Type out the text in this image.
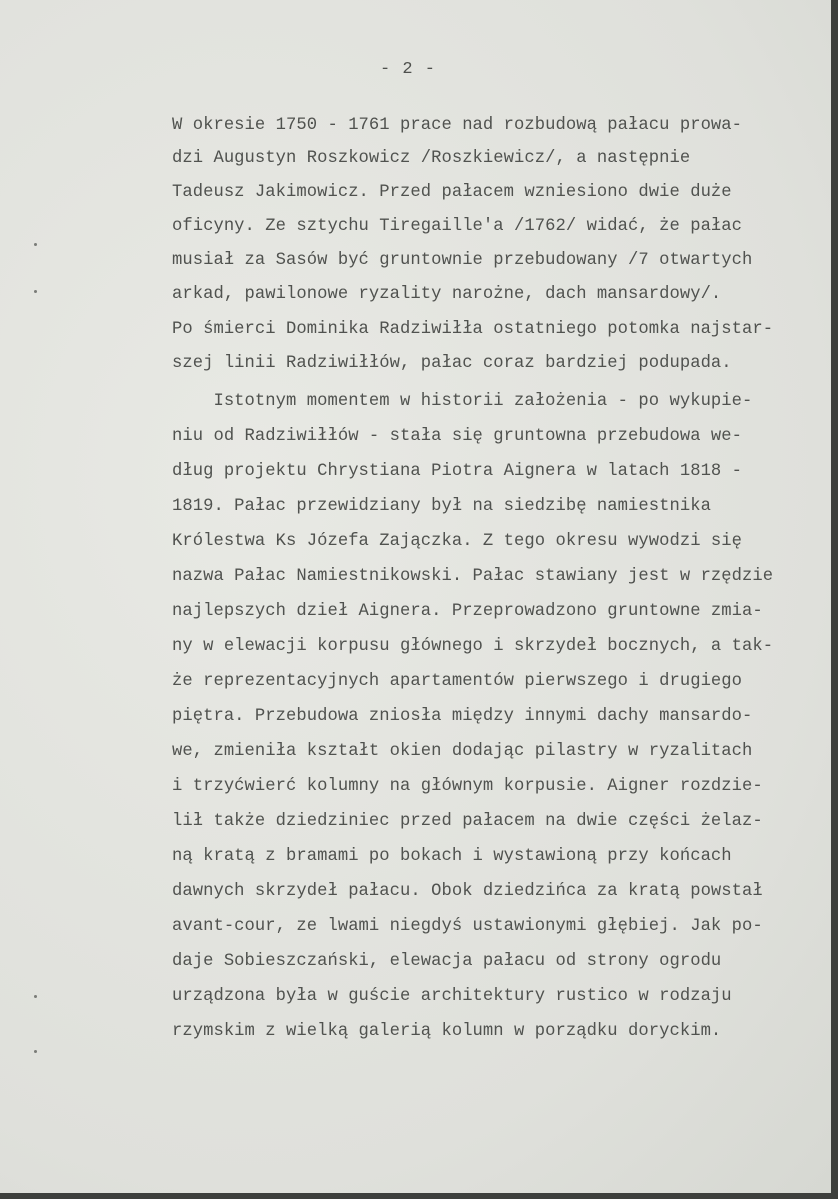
- 2 -
W okresie 1750 - 1761 prace nad rozbudową pałacu prowa-
dzi Augustyn Roszkowicz /Roszkiewicz/, a następnie
Tadeusz Jakimowicz. Przed pałacem wzniesiono dwie duże
oficyny. Ze sztychu Tiregaille'a /1762/ widać, że pałac
musiał za Sasów być gruntownie przebudowany /7 otwartych
arkad, pawilonowe ryzality narożne, dach mansardowy/.
Po śmierci Dominika Radziwiłła ostatniego potomka najstar-
szej linii Radziwiłłów, pałac coraz bardziej podupada.
Istotnym momentem w historii założenia - po wykupie-
niu od Radziwiłłów - stała się gruntowna przebudowa we-
dług projektu Chrystiana Piotra Aignera w latach 1818 -
1819. Pałac przewidziany był na siedzibę namiestnika
Królestwa Ks Józefa Zajączka. Z tego okresu wywodzi się
nazwa Pałac Namiestnikowski. Pałac stawiany jest w rzędzie
najlepszych dzieł Aignera. Przeprowadzono gruntowne zmia-
ny w elewacji korpusu głównego i skrzydeł bocznych, a tak-
że reprezentacyjnych apartamentów pierwszego i drugiego
piętra. Przebudowa zniosła między innymi dachy mansardo-
we, zmieniła kształt okien dodając pilastry w ryzalitach
i trzyćwierć kolumny na głównym korpusie. Aigner rozdzie-
lił także dziedziniec przed pałacem na dwie części żelaz-
ną kratą z bramami po bokach i wystawioną przy końcach
dawnych skrzydeł pałacu. Obok dziedzińca za kratą powstał
avant-cour, ze lwami niegdyś ustawionymi głębiej. Jak po-
daje Sobieszczański, elewacja pałacu od strony ogrodu
urządzona była w guście architektury rustico w rodzaju
rzymskim z wielką galerią kolumn w porządku doryckim.
